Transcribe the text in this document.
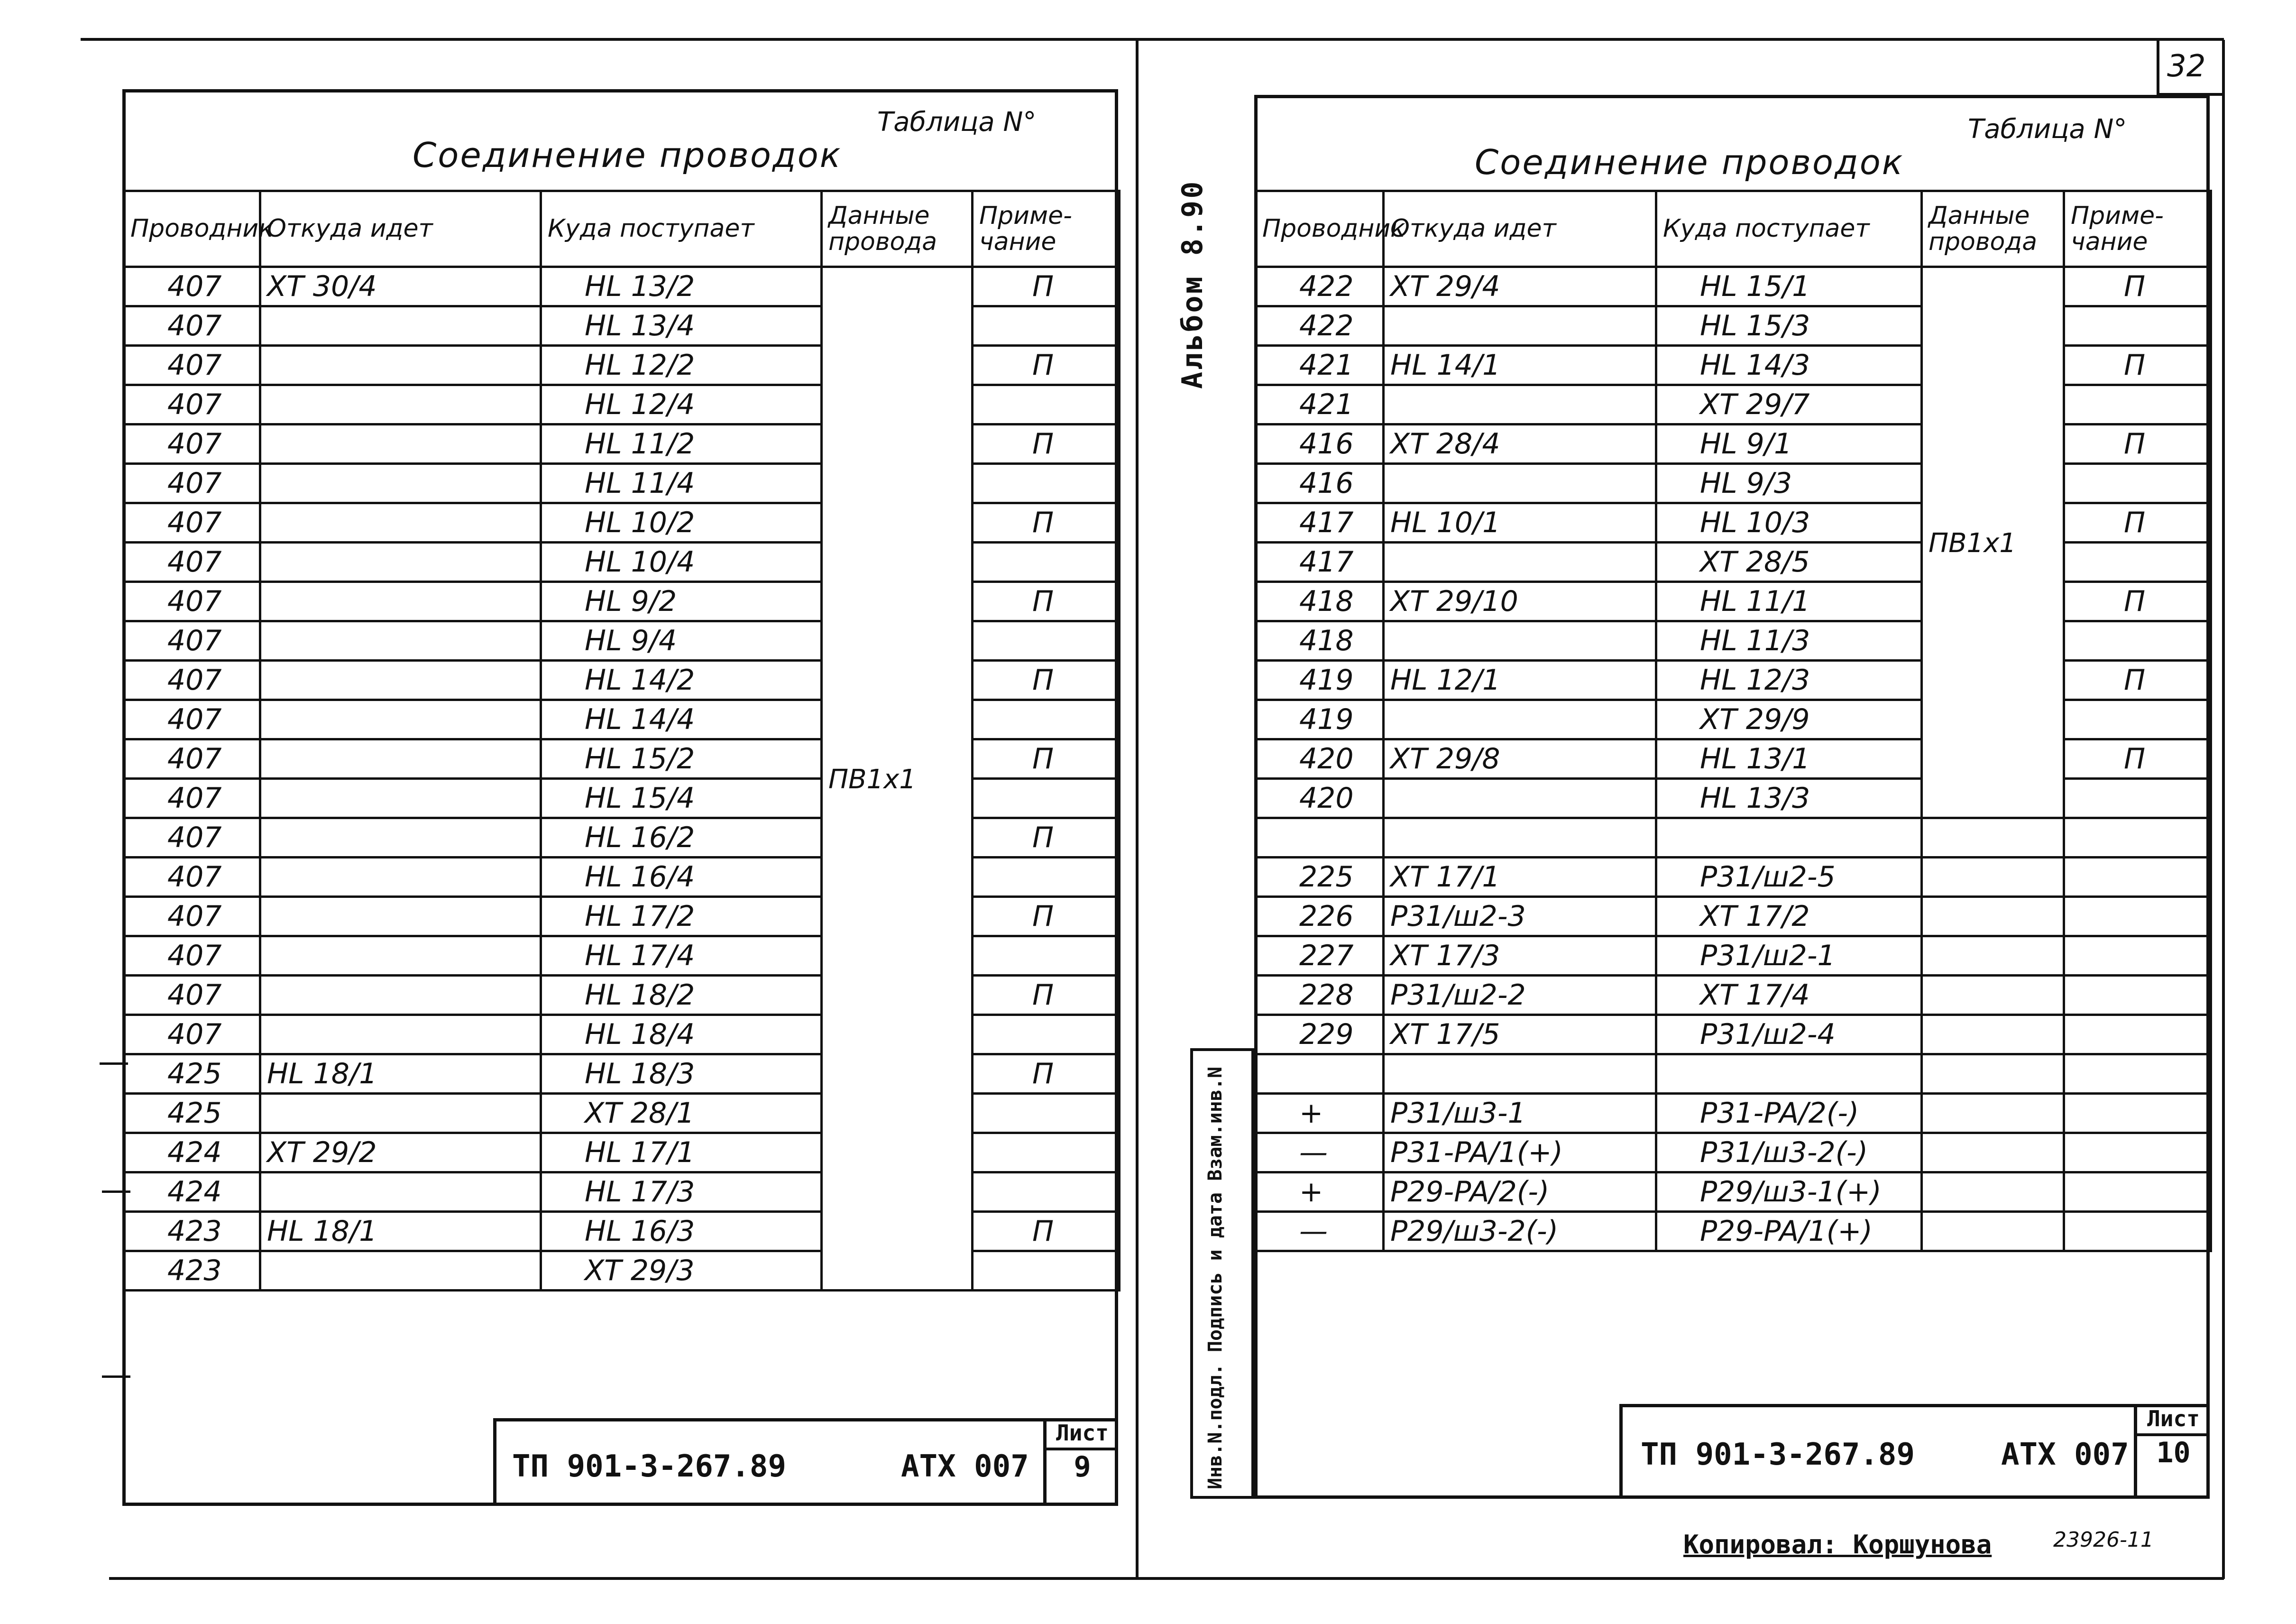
32
Альбом 8.90
Соединение проводок
Таблица N°
Проводник	Откуда идет	Куда поступает	Данные провода	Приме-чание
407	XT 30/4	HL 13/2	ПВ1х1	П
407		HL 13/4		
407		HL 12/2		П
407		HL 12/4		
407		HL 11/2		П
407		HL 11/4		
407		HL 10/2		П
407		HL 10/4		
407		HL 9/2		П
407		HL 9/4		
407		HL 14/2		П
407		HL 14/4		
407		HL 15/2		П
407		HL 15/4		
407		HL 16/2		П
407		HL 16/4		
407		HL 17/2		П
407		HL 17/4		
407		HL 18/2		П
407		HL 18/4		
425	HL 18/1	HL 18/3		П
425		XT 28/1		
424	XT 29/2	HL 17/1		
424		HL 17/3		
423	HL 18/1	HL 16/3		П
423		XT 29/3		
ТП 901-3-267.89	АТХ 007
Лист
9
Соединение проводок
Таблица N°
Проводник	Откуда идет	Куда поступает	Данные провода	Приме-чание
422	XT 29/4	HL 15/1	ПВ1х1	П
422		HL 15/3		
421	HL 14/1	HL 14/3		П
421		XT 29/7		
416	XT 28/4	HL 9/1		П
416		HL 9/3		
417	HL 10/1	HL 10/3		П
417		XT 28/5		
418	XT 29/10	HL 11/1		П
418		HL 11/3		
419	HL 12/1	HL 12/3		П
419		XT 29/9		
420	XT 29/8	HL 13/1		П
420		HL 13/3		

225	XT 17/1	P31/ш2-5		
226	P31/ш2-3	XT 17/2		
227	XT 17/3	P31/ш2-1		
228	P31/ш2-2	XT 17/4		
229	XT 17/5	P31/ш2-4		

+	P31/ш3-1	P31-PA/2(-)		
—	P31-PA/1(+)	P31/ш3-2(-)		
+	P29-PA/2(-)	P29/ш3-1(+)		
—	P29/ш3-2(-)	P29-PA/1(+)		
Инв.N.подл. Подпись и дата Взам.инв.N	ТП 901-3-267.89	АТХ 007
Лист
10
Копировал: Коршунова	23926-11
